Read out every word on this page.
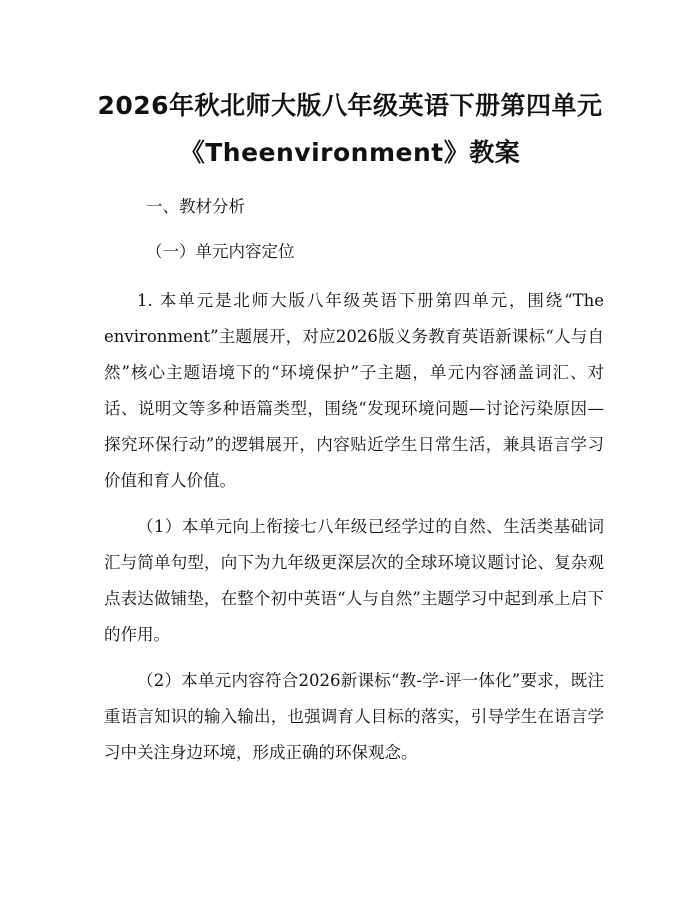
2026年秋北师大版八年级英语下册第四单元
《Theenvironment》教案

一、教材分析

（一）单元内容定位

1. 本单元是北师大版八年级英语下册第四单元，围绕“The environment”主题展开，对应2026版义务教育英语新课标“人与自然”核心主题语境下的“环境保护”子主题，单元内容涵盖词汇、对话、说明文等多种语篇类型，围绕“发现环境问题—讨论污染原因—探究环保行动”的逻辑展开，内容贴近学生日常生活，兼具语言学习价值和育人价值。

（1）本单元向上衔接七八年级已经学过的自然、生活类基础词汇与简单句型，向下为九年级更深层次的全球环境议题讨论、复杂观点表达做铺垫，在整个初中英语“人与自然”主题学习中起到承上启下的作用。

（2）本单元内容符合2026新课标“教-学-评一体化”要求，既注重语言知识的输入输出，也强调育人目标的落实，引导学生在语言学习中关注身边环境，形成正确的环保观念。
